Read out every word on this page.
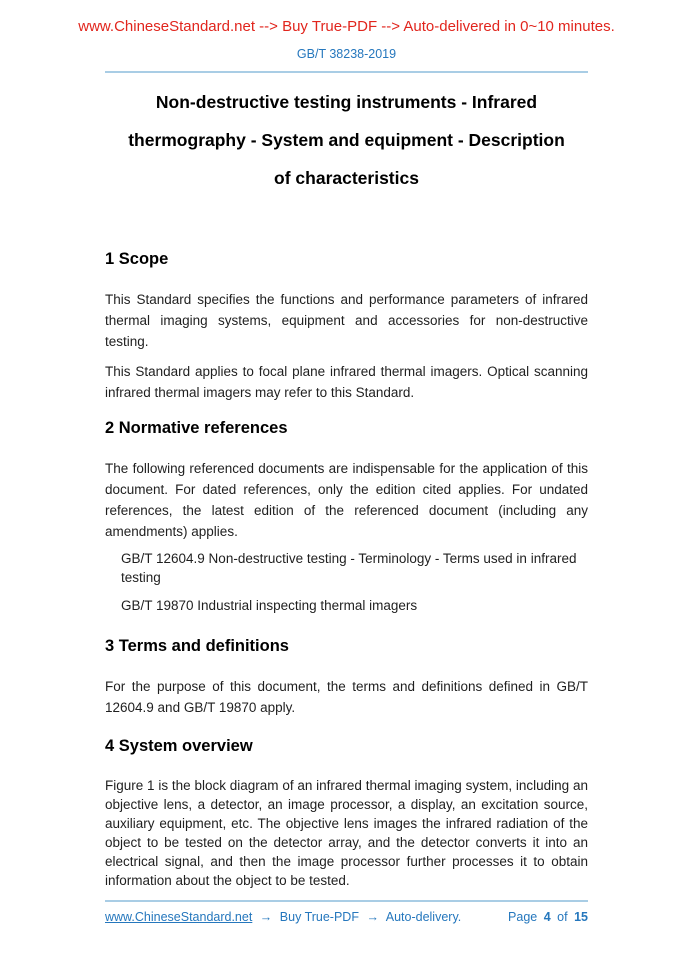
www.ChineseStandard.net --> Buy True-PDF --> Auto-delivered in 0~10 minutes.
GB/T 38238-2019
Non-destructive testing instruments - Infrared
thermography - System and equipment - Description
of characteristics
1 Scope

This Standard specifies the functions and performance parameters of infrared thermal imaging systems, equipment and accessories for non-destructive testing.

This Standard applies to focal plane infrared thermal imagers. Optical scanning infrared thermal imagers may refer to this Standard.

2 Normative references

The following referenced documents are indispensable for the application of this document. For dated references, only the edition cited applies. For undated references, the latest edition of the referenced document (including any amendments) applies.

GB/T 12604.9 Non-destructive testing - Terminology - Terms used in infrared testing
GB/T 19870 Industrial inspecting thermal imagers
3 Terms and definitions

For the purpose of this document, the terms and definitions defined in GB/T 12604.9 and GB/T 19870 apply.

4 System overview

Figure 1 is the block diagram of an infrared thermal imaging system, including an objective lens, a detector, an image processor, a display, an excitation source, auxiliary equipment, etc. The objective lens images the infrared radiation of the object to be tested on the detector array, and the detector converts it into an electrical signal, and then the image processor further processes it to obtain information about the object to be tested.

www.ChineseStandard.net → Buy True-PDF → Auto-delivery.	Page 4 of 15
